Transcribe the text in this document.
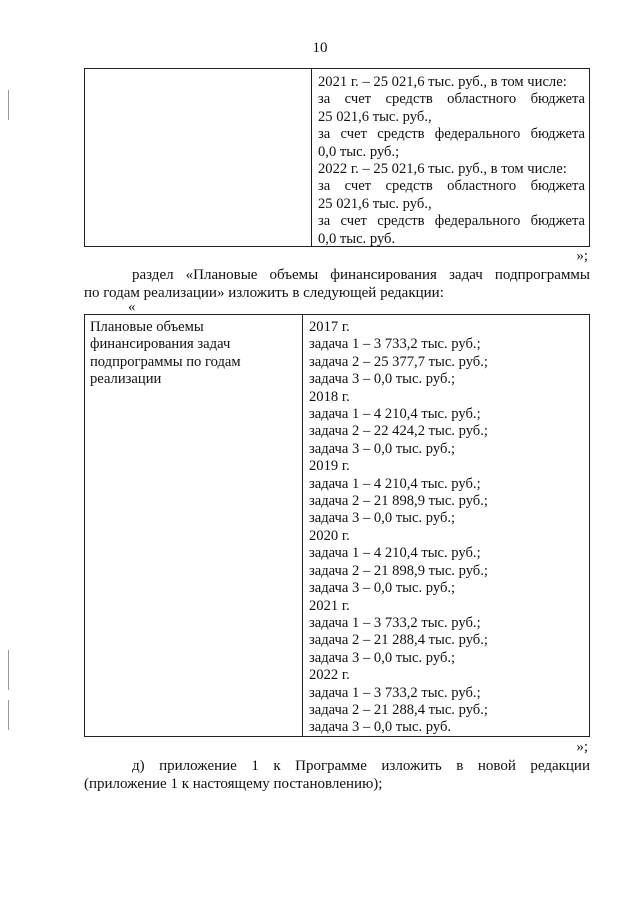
10
2021 г. – 25 021,6 тыс. руб., в том числе:
за счет средств областного бюджета
25 021,6 тыс. руб.,
за счет средств федерального бюджета
0,0 тыс. руб.;
2022 г. – 25 021,6 тыс. руб., в том числе:
за счет средств областного бюджета
25 021,6 тыс. руб.,
за счет средств федерального бюджета
0,0 тыс. руб.
»;
раздел «Плановые объемы финансирования задач подпрограммы
по годам реализации» изложить в следующей редакции:
«
Плановые объемы
финансирования задач
подпрограммы по годам
реализации
2017 г.
задача 1 – 3 733,2 тыс. руб.;
задача 2 – 25 377,7 тыс. руб.;
задача 3 – 0,0 тыс. руб.;
2018 г.
задача 1 – 4 210,4 тыс. руб.;
задача 2 – 22 424,2 тыс. руб.;
задача 3 – 0,0 тыс. руб.;
2019 г.
задача 1 – 4 210,4 тыс. руб.;
задача 2 – 21 898,9 тыс. руб.;
задача 3 – 0,0 тыс. руб.;
2020 г.
задача 1 – 4 210,4 тыс. руб.;
задача 2 – 21 898,9 тыс. руб.;
задача 3 – 0,0 тыс. руб.;
2021 г.
задача 1 – 3 733,2 тыс. руб.;
задача 2 – 21 288,4 тыс. руб.;
задача 3 – 0,0 тыс. руб.;
2022 г.
задача 1 – 3 733,2 тыс. руб.;
задача 2 – 21 288,4 тыс. руб.;
задача 3 – 0,0 тыс. руб.
»;
д) приложение 1 к Программе изложить в новой редакции
(приложение 1 к настоящему постановлению);
